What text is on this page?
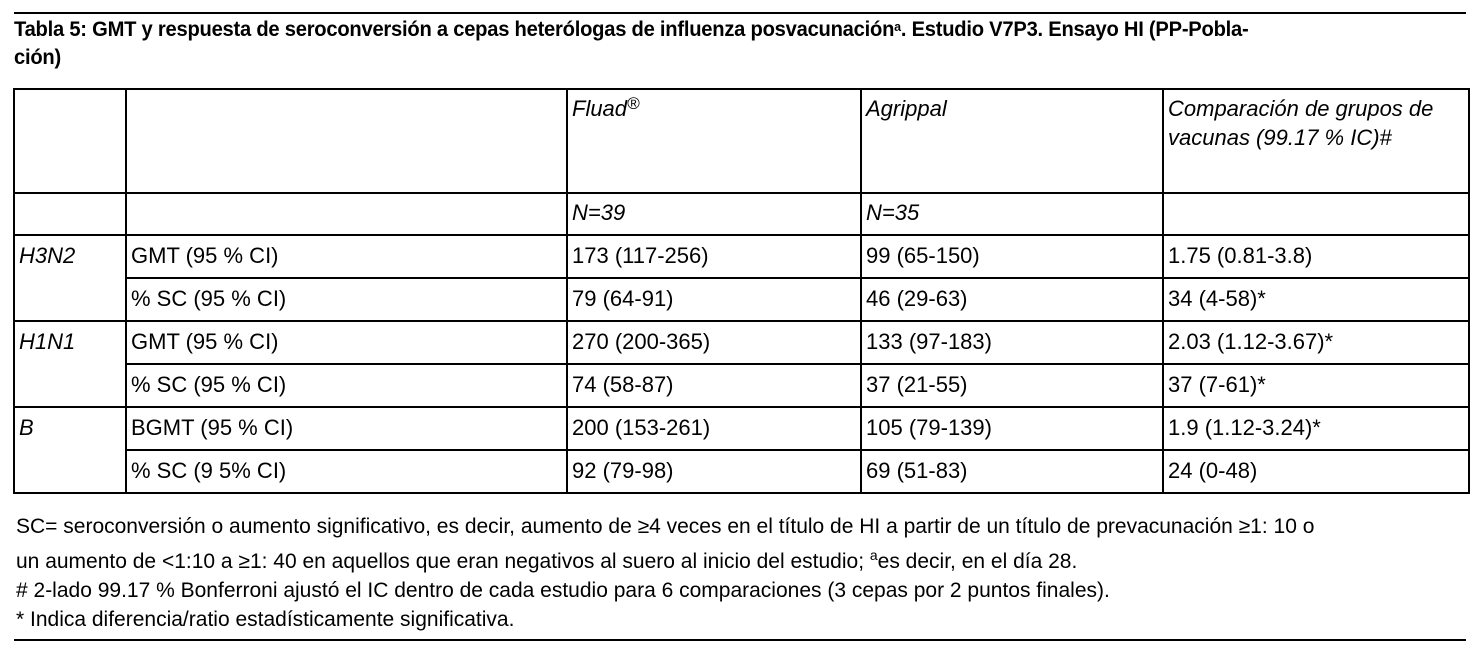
Tabla 5: GMT y respuesta de seroconversión a cepas heterólogas de influenza posvacunación$^a$. Estudio V7P3. Ensayo HI (PP-Pobla-
ción)
		Fluad®	Agrippal	Comparación de grupos de vacunas (99.17 % IC)#
		N=39	N=35	
H3N2	GMT (95 % CI)	173 (117-256)	99 (65-150)	1.75 (0.81-3.8)
	% SC (95 % CI)	79 (64-91)	46 (29-63)	34 (4-58)*
H1N1	GMT (95 % CI)	270 (200-365)	133 (97-183)	2.03 (1.12-3.67)*
	% SC (95 % CI)	74 (58-87)	37 (21-55)	37 (7-61)*
B	BGMT (95 % CI)	200 (153-261)	105 (79-139)	1.9 (1.12-3.24)*
	% SC (9 5% CI)	92 (79-98)	69 (51-83)	24 (0-48)
SC= seroconversión o aumento significativo, es decir, aumento de ≥4 veces en el título de HI a partir de un título de prevacunación ≥1: 10 o
un aumento de <1:10 a ≥1: 40 en aquellos que eran negativos al suero al inicio del estudio; $^a$es decir, en el día 28.
# 2-lado 99.17 % Bonferroni ajustó el IC dentro de cada estudio para 6 comparaciones (3 cepas por 2 puntos finales).
* Indica diferencia/ratio estadísticamente significativa.
